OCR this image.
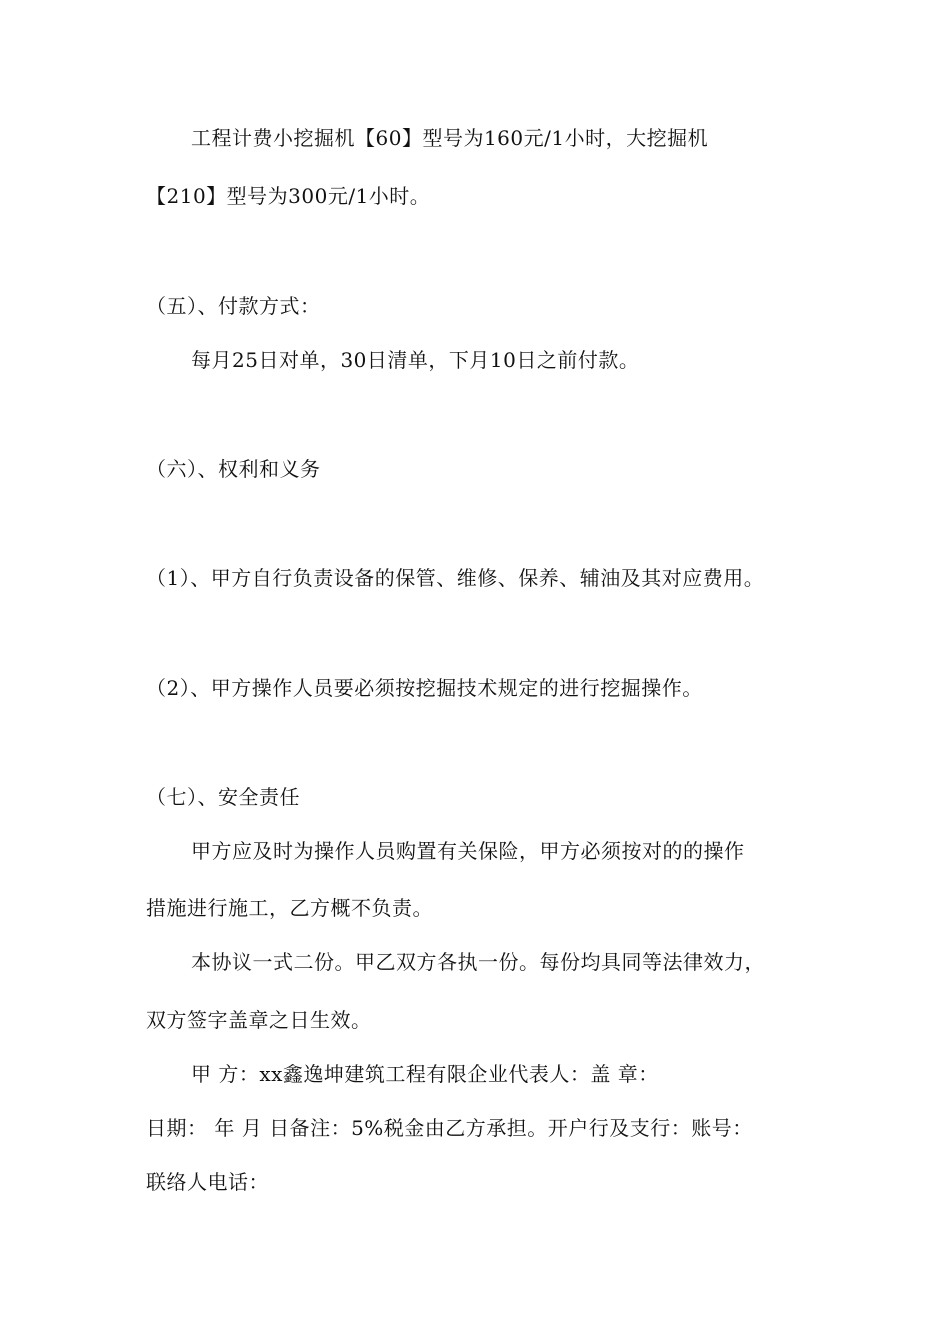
工程计费小挖掘机【60】型号为160元/1小时，大挖掘机
【210】型号为300元/1小时。
（五）、付款方式：
每月25日对单，30日清单，下月10日之前付款。
（六）、权利和义务
（1）、甲方自行负责设备的保管、维修、保养、辅油及其对应费用。
（2）、甲方操作人员要必须按挖掘技术规定的进行挖掘操作。
（七）、安全责任
甲方应及时为操作人员购置有关保险，甲方必须按对的的操作
措施进行施工，乙方概不负责。
本协议一式二份。甲乙双方各执一份。每份均具同等法律效力，
双方签字盖章之日生效。
甲 方：xx鑫逸坤建筑工程有限企业代表人：盖 章：
日期： 年 月 日备注：5%税金由乙方承担。开户行及支行：账号：
联络人电话：
